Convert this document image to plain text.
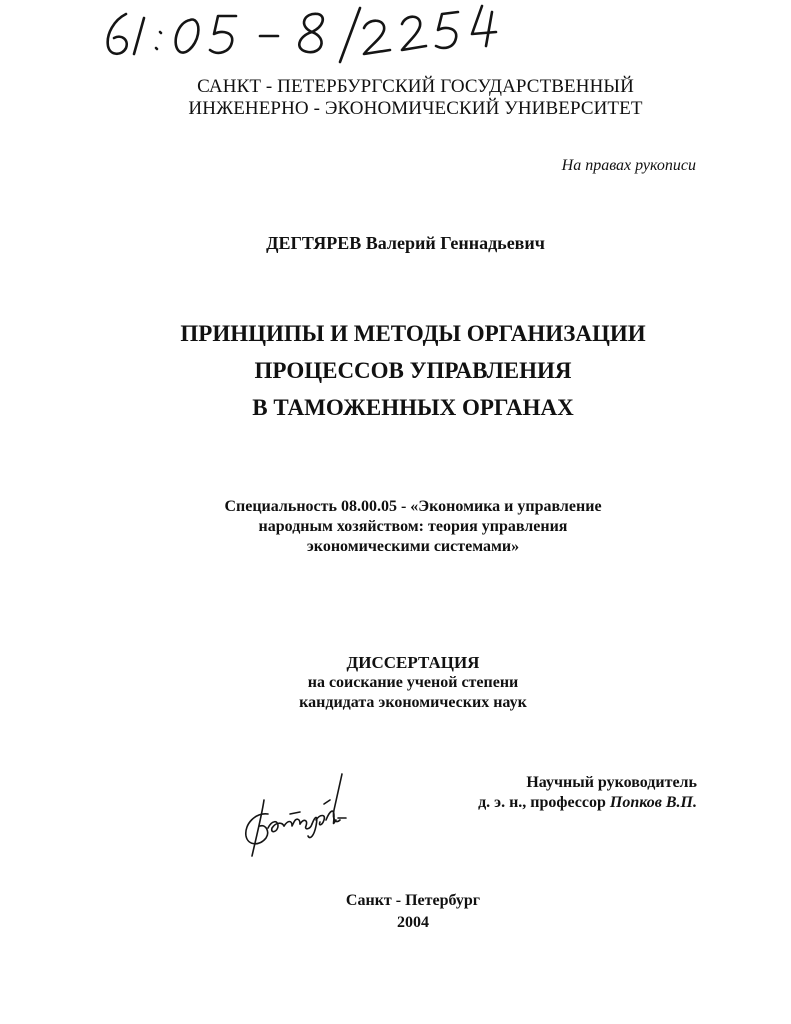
САНКТ - ПЕТЕРБУРГСКИЙ ГОСУДАРСТВЕННЫЙ
ИНЖЕНЕРНО - ЭКОНОМИЧЕСКИЙ УНИВЕРСИТЕТ
На правах рукописи
ДЕГТЯРЕВ Валерий Геннадьевич
ПРИНЦИПЫ И МЕТОДЫ ОРГАНИЗАЦИИ
ПРОЦЕССОВ УПРАВЛЕНИЯ
В ТАМОЖЕННЫХ ОРГАНАХ
Специальность 08.00.05 - «Экономика и управление
народным хозяйством: теория управления
экономическими системами»
ДИССЕРТАЦИЯ
на соискание ученой степени
кандидата экономических наук
Научный руководитель
д. э. н., профессор Попков В.П.
Санкт - Петербург
2004
